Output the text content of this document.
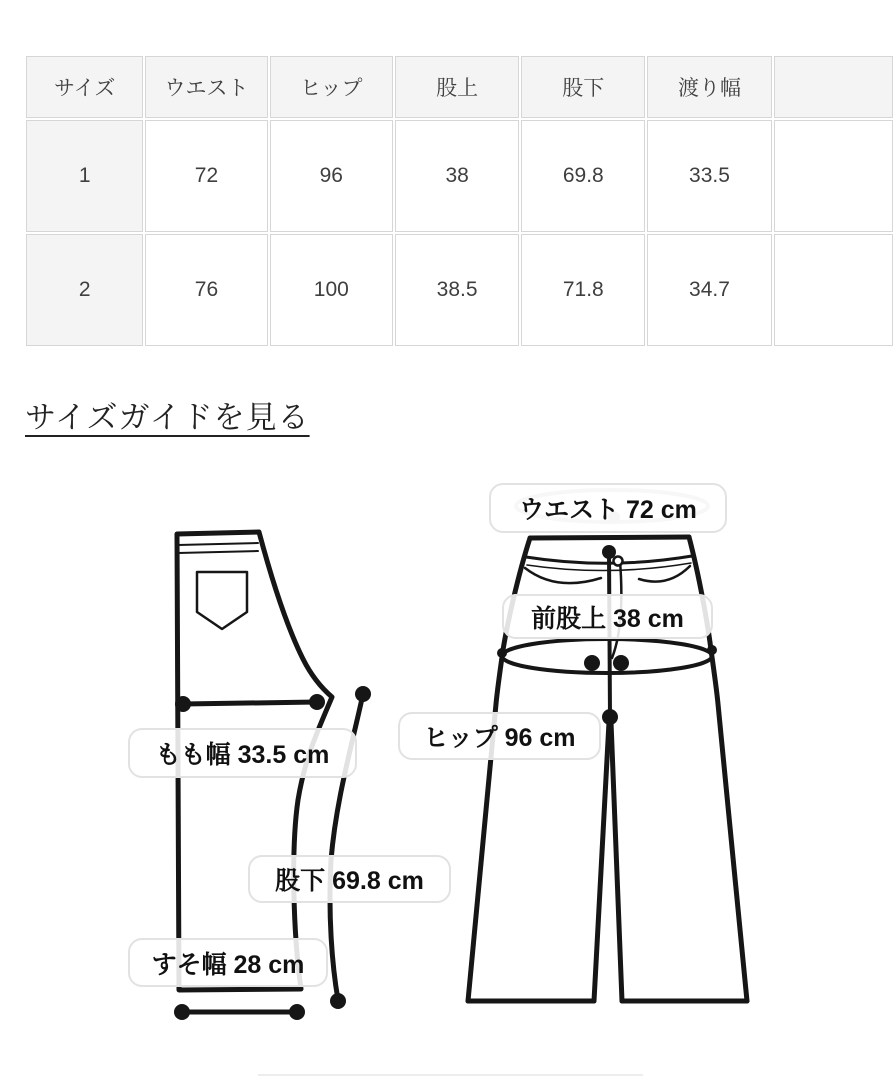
サイズ	ウエスト	ヒップ	股上	股下	渡り幅	
1	72	96	38	69.8	33.5	
2	76	100	38.5	71.8	34.7	
サイズガイドを見る
ウエスト 72 cm
前股上 38 cm
ヒップ 96 cm
もも幅 33.5 cm
股下 69.8 cm
すそ幅 28 cm
